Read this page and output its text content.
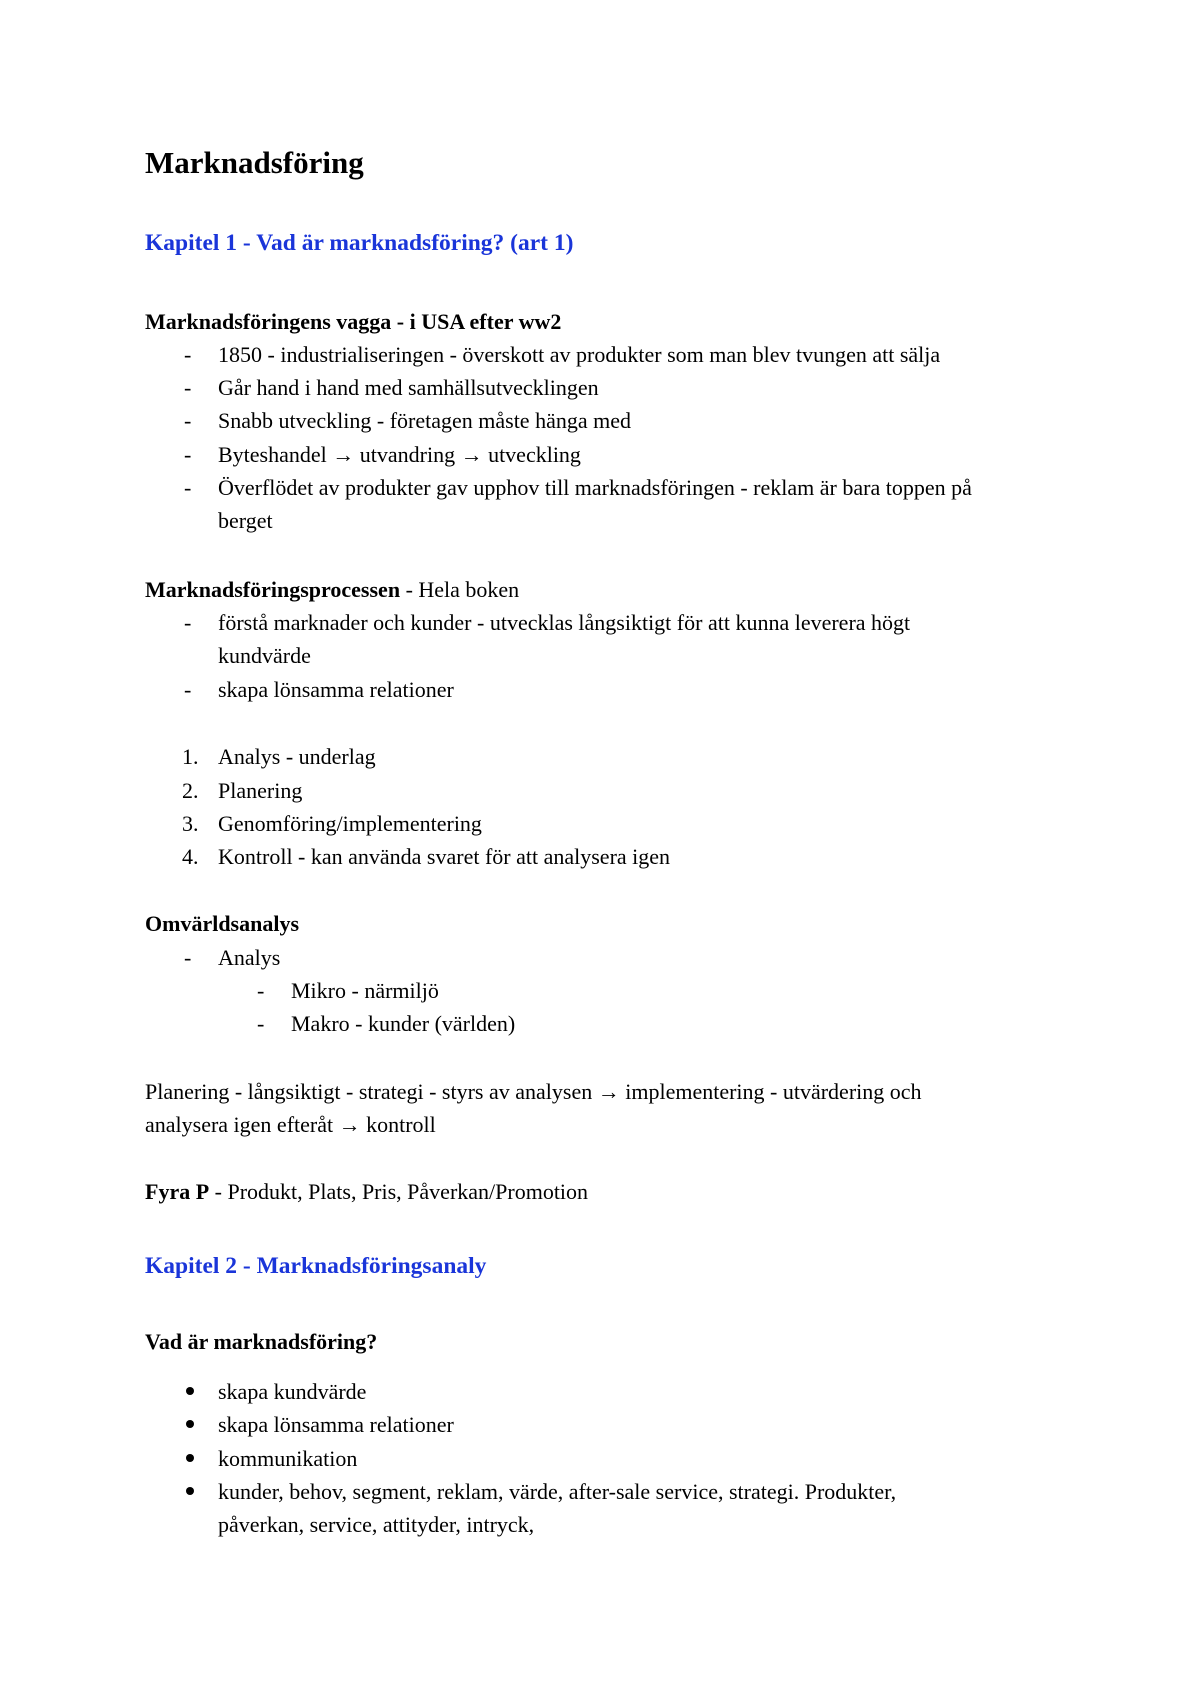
Marknadsföring
Kapitel 1 - Vad är marknadsföring? (art 1)
Marknadsföringens vagga - i USA efter ww2
- 1850 - industrialiseringen - överskott av produkter som man blev tvungen att sälja
- Går hand i hand med samhällsutvecklingen
- Snabb utveckling - företagen måste hänga med
- Byteshandel → utvandring → utveckling
- Överflödet av produkter gav upphov till marknadsföringen - reklam är bara toppen på
berget
Marknadsföringsprocessen - Hela boken
- förstå marknader och kunder - utvecklas långsiktigt för att kunna leverera högt
kundvärde
- skapa lönsamma relationer
1. Analys - underlag
2. Planering
3. Genomföring/implementering
4. Kontroll - kan använda svaret för att analysera igen
Omvärldsanalys
- Analys
- Mikro - närmiljö
- Makro - kunder (världen)
Planering - långsiktigt - strategi - styrs av analysen → implementering - utvärdering och
analysera igen efteråt → kontroll
Fyra P - Produkt, Plats, Pris, Påverkan/Promotion
Kapitel 2 - Marknadsföringsanaly
Vad är marknadsföring?
skapa kundvärde
skapa lönsamma relationer
kommunikation
kunder, behov, segment, reklam, värde, after-sale service, strategi. Produkter,
påverkan, service, attityder, intryck,
